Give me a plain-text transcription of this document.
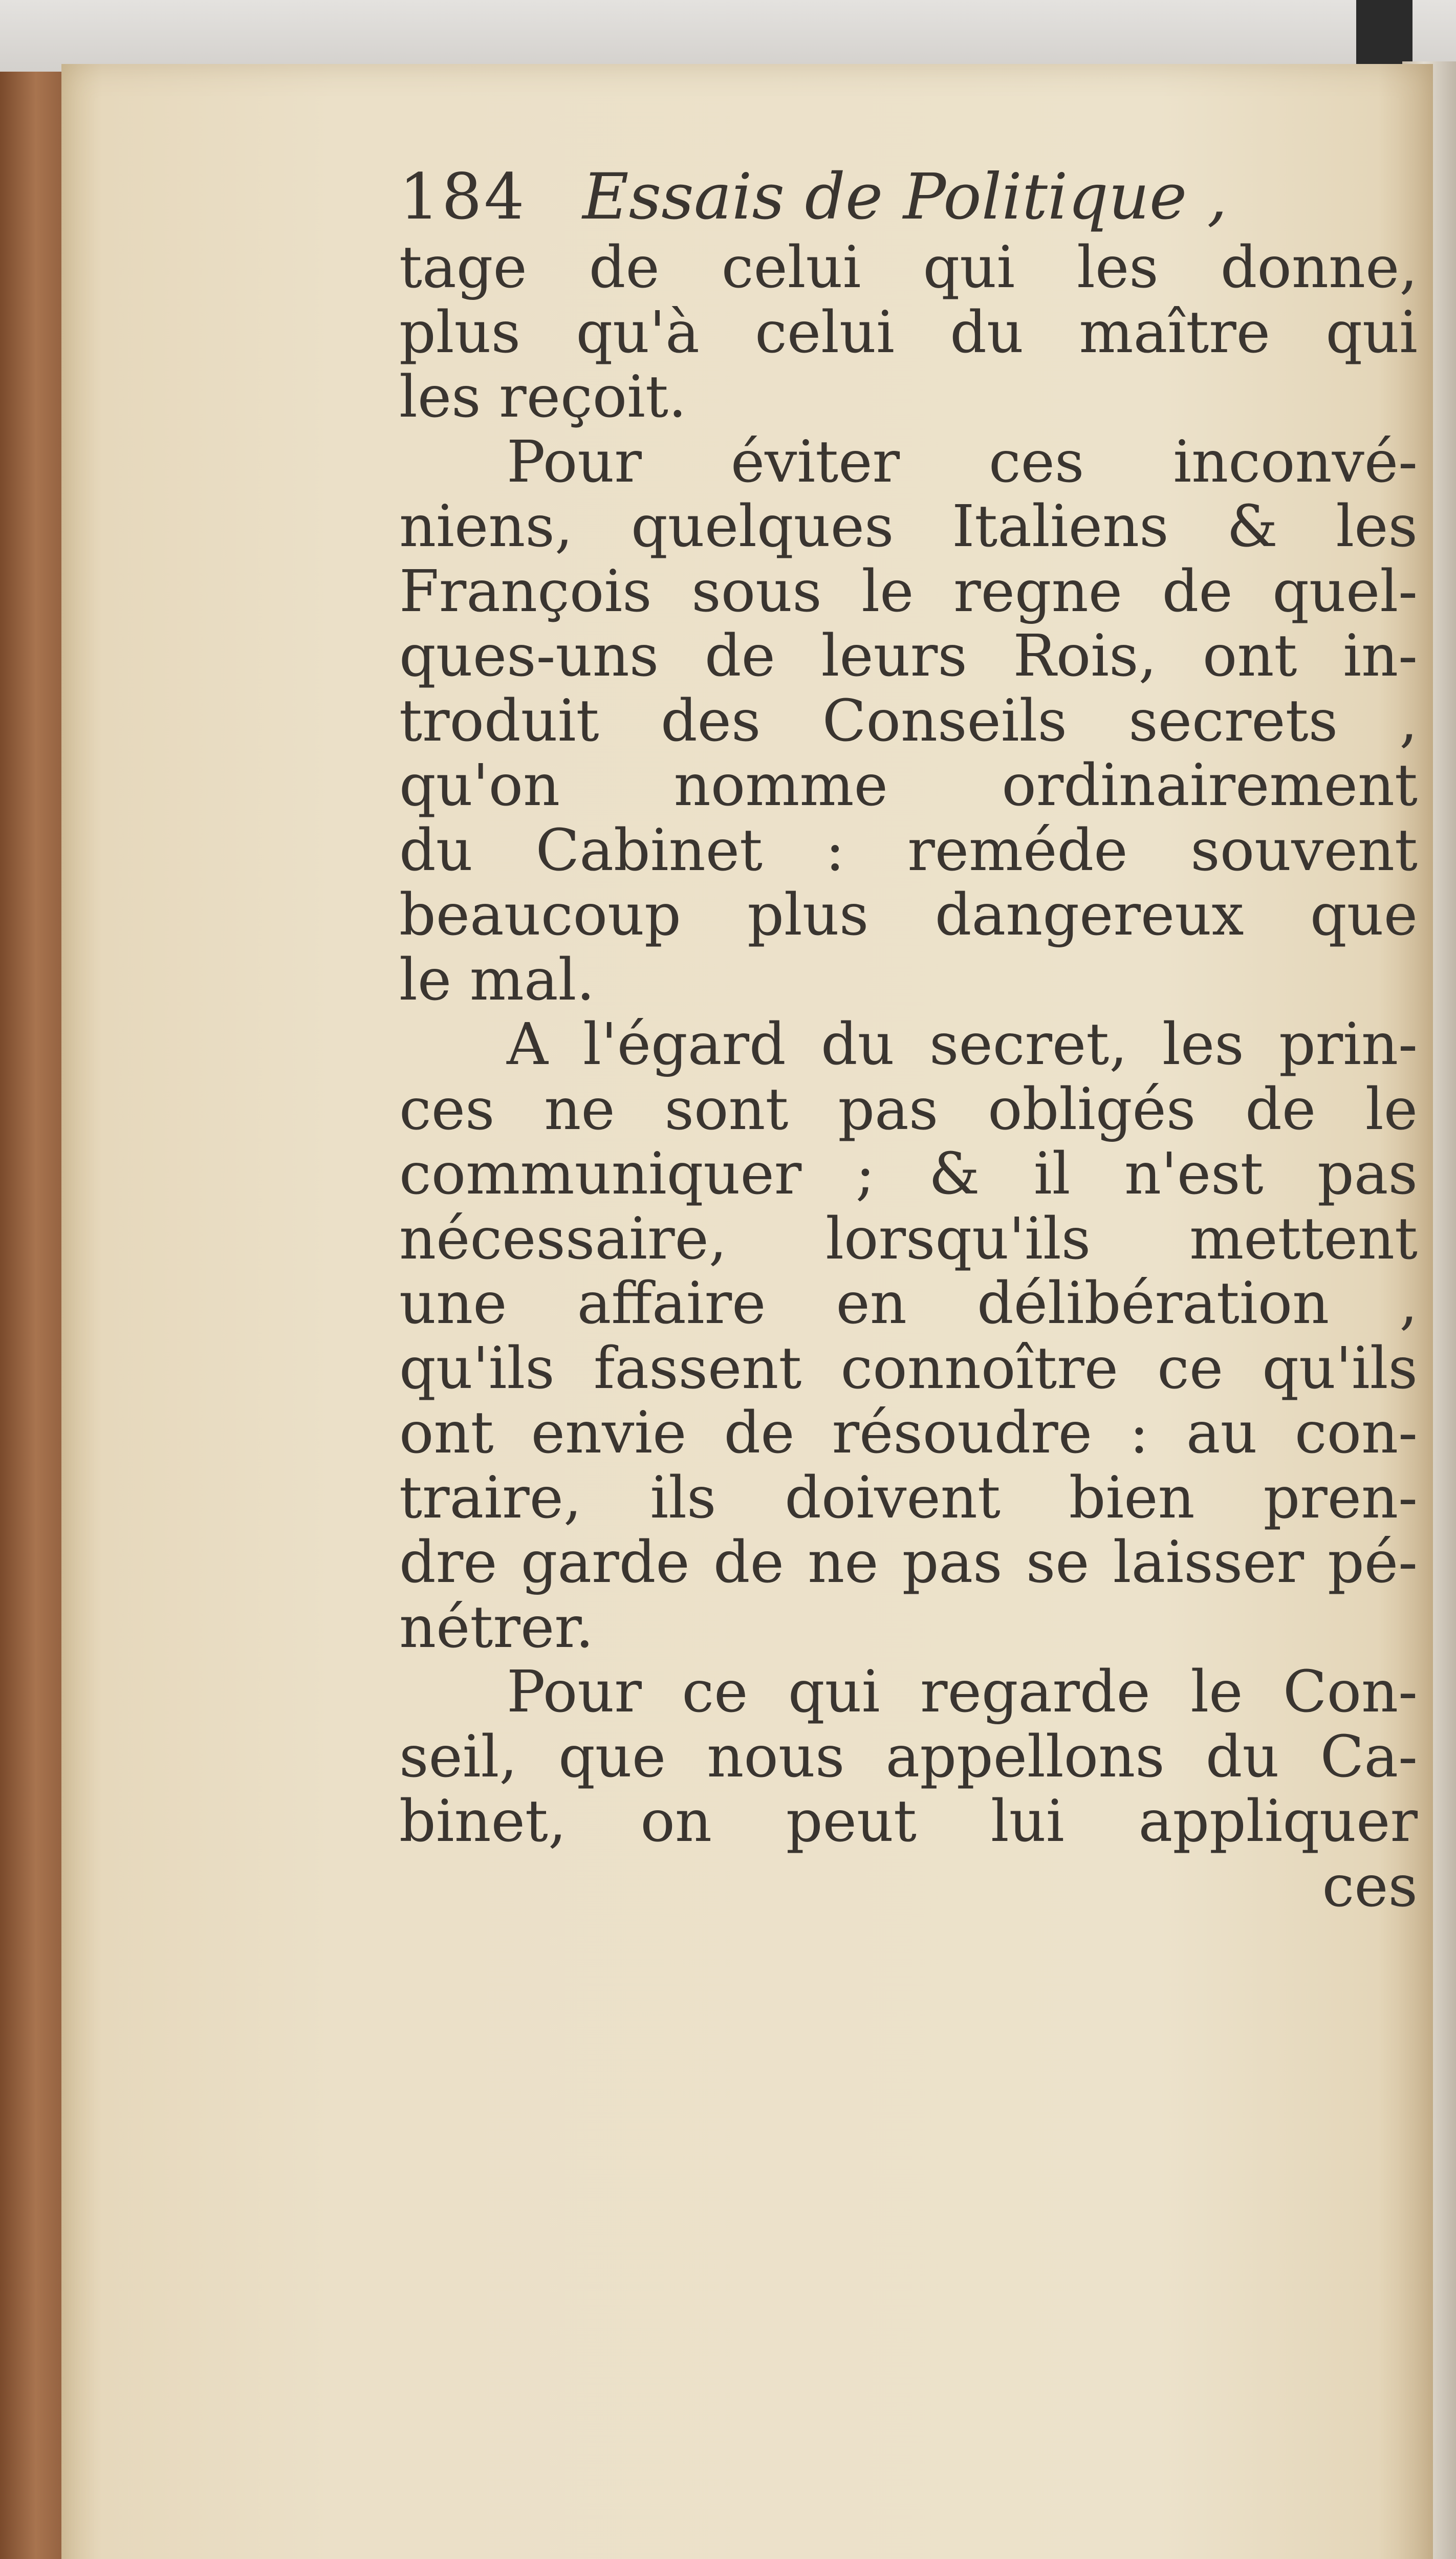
184 Essais de Politique ,
tage de celui qui les donne,
plus qu'à celui du maître qui
les reçoit.
Pour éviter ces inconvé-
niens, quelques Italiens & les
François sous le regne de quel-
ques-uns de leurs Rois, ont in-
troduit des Conseils secrets ,
qu'on nomme ordinairement
du Cabinet : reméde souvent
beaucoup plus dangereux que
le mal.
A l'égard du secret, les prin-
ces ne sont pas obligés de le
communiquer ; & il n'est pas
nécessaire, lorsqu'ils mettent
une affaire en délibération ,
qu'ils fassent connoître ce qu'ils
ont envie de résoudre : au con-
traire, ils doivent bien pren-
dre garde de ne pas se laisser pé-
nétrer.
Pour ce qui regarde le Con-
seil, que nous appellons du Ca-
binet, on peut lui appliquer
ces
